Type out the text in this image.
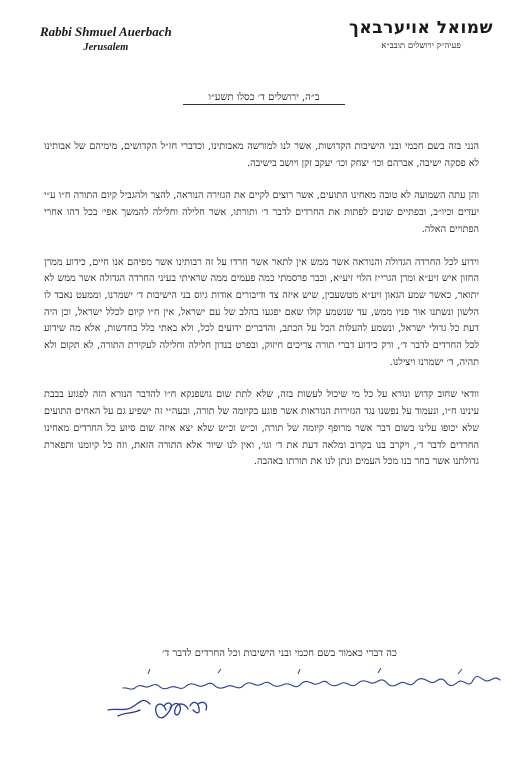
Rabbi Shmuel Auerbach
Jerusalem
שמואל אויערבאך
פעיה״ק ירושלים תובב״א
ב״ה, ירושלים ד׳ כסלו תשע״ו

הנני בזה בשם חכמי ובני הישיבות הקדושות, אשר לנו למורשה מאבותינו, וכדברי חז״ל הקדושים, מימיהם של אבותינו לא פסקה ישיבה, אברהם וכו׳ יצחק וכו׳ יעקב זקן ויושב בישיבה.

והן עתה השמועה לא טובה מאחינו התועים, אשר רוצים לקיים את הגזירה הנוראה, להצר ולהגביל קיום התורה ח״ו ע״י יעדים וכיו״ב, ובפתיים שונים לפתות את החרדים לדבר ד׳ ותורתו, אשר חלילה וחלילה להמשך אפי׳ בכל דהו אחרי הפתויים האלה.

וידוע לכל החרדה הגדולה והנוראה אשר ממש אין לתאר אשר חרדו על זה רבותינו אשר מפיהם אנו חיים, כידוע ממרן החזון איש זיע״א ומרן הגרי״ז הלוי זיע״א, וכבר פרסמתי כמה פעמים ממה שראיתי בעיני החרדה הגדולה אשר ממש לא יתואר, כאשר שמע הגאון זיע״א מטשעבין, שיש איזה צד ודיבורים אודות גיוס בני הישיבות ד׳ ישמרנו, וממעט נאבד לו הלשון ונשתנו אור פניו ממש, עד שנשמע קולו שאם יפגעו בהלב של עם ישראל, אין ח״ו קיום לכלל ישראל, וכן היה דעת כל גדולי ישראל, ונשמע להעלות הכל על הכתב, והדברים ידועים לכל, ולא באתי כלל בחדשות, אלא מה שידוע לכל החרדים לדבר ד׳, ורק כידוע דברי תורה צריכים חיזוק, ובפרט בנדון חלילה וחלילה לעקירת התורה, לא תקום ולא תהיה, ד׳ ישמרנו ויצילנו.

וודאי שחוב קדוש ונורא על כל מי שיכול לעשות בזה, שלא לתת שום גושפנקא ח״ו להדבר הנורא הזה לפגוע בבבת עינינו ח״ו, ונעמוד על נפשנו נגד הגזירות הנוראות אשר פוגע בקיומה של תורה, ובעה״י זה ישפיע גם על האחים התועים שלא יכופו עלינו בשום דבר אשר מרופף קיומה של תורה, וכ״ש וכ״ש שלא יצא איזה שום סיוע כל החרדים מאחינו החרדים לדבר ד׳, ויקרב בנו בקרוב ומלאה דעת את ד׳ וגו׳, ואין לנו שיור אלא התורה הזאת, וזה כל קיומנו ותפארת גדולתנו אשר בחר בנו מכל העמים ונתן לנו את תורתו באהבה.

כה דברי כאמור בשם חכמי ובני הישיבות וכל החרדים לדבר ד׳
